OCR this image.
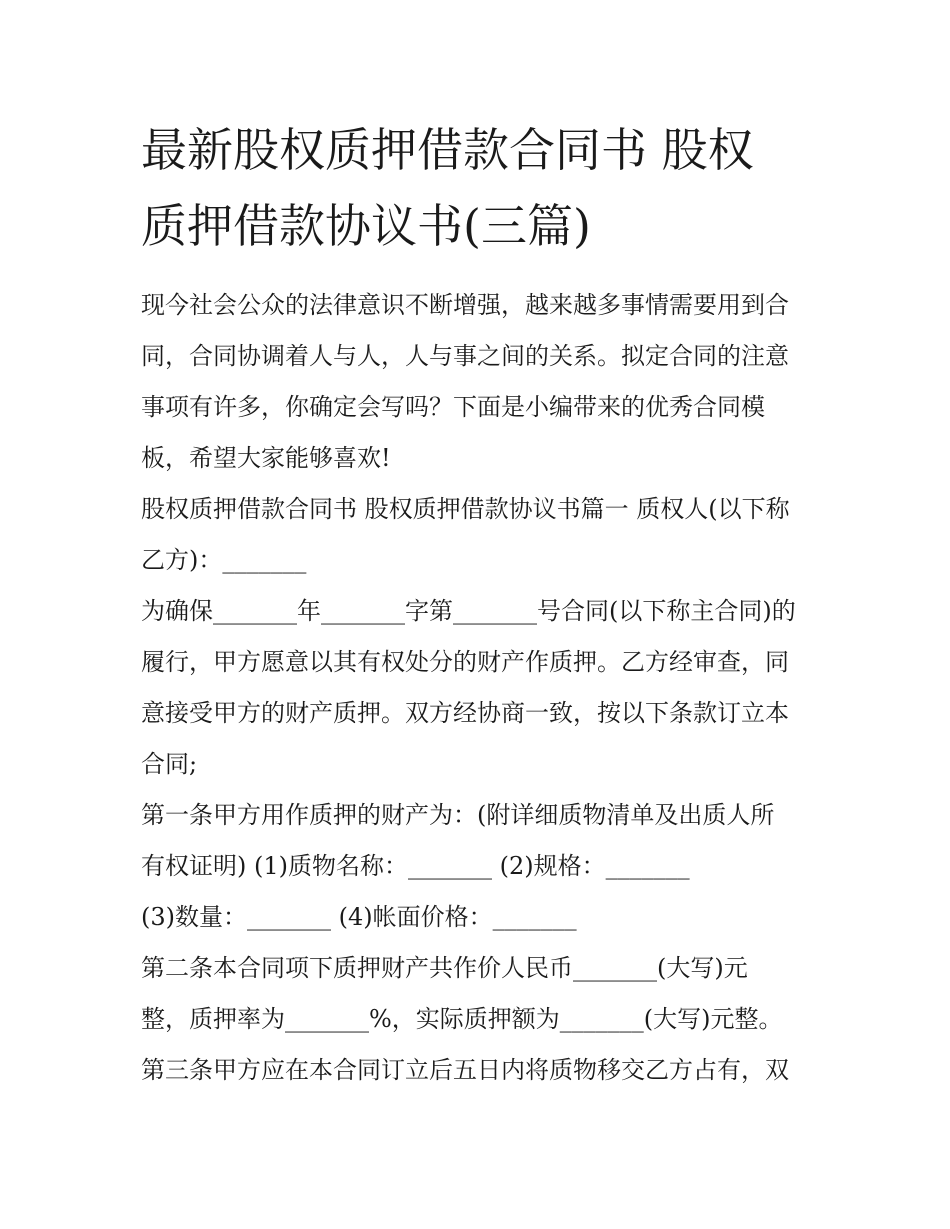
最新股权质押借款合同书 股权
质押借款协议书(三篇)
现今社会公众的法律意识不断增强，越来越多事情需要用到合
同，合同协调着人与人，人与事之间的关系。拟定合同的注意
事项有许多，你确定会写吗？下面是小编带来的优秀合同模
板，希望大家能够喜欢!
股权质押借款合同书 股权质押借款协议书篇一 质权人(以下称
乙方)：_______
为确保_______年_______字第_______号合同(以下称主合同)的
履行，甲方愿意以其有权处分的财产作质押。乙方经审查，同
意接受甲方的财产质押。双方经协商一致，按以下条款订立本
合同;
第一条甲方用作质押的财产为：(附详细质物清单及出质人所
有权证明) (1)质物名称：_______ (2)规格：_______
(3)数量：_______ (4)帐面价格：_______
第二条本合同项下质押财产共作价人民币_______(大写)元
整，质押率为_______%，实际质押额为_______(大写)元整。
第三条甲方应在本合同订立后五日内将质物移交乙方占有，双
